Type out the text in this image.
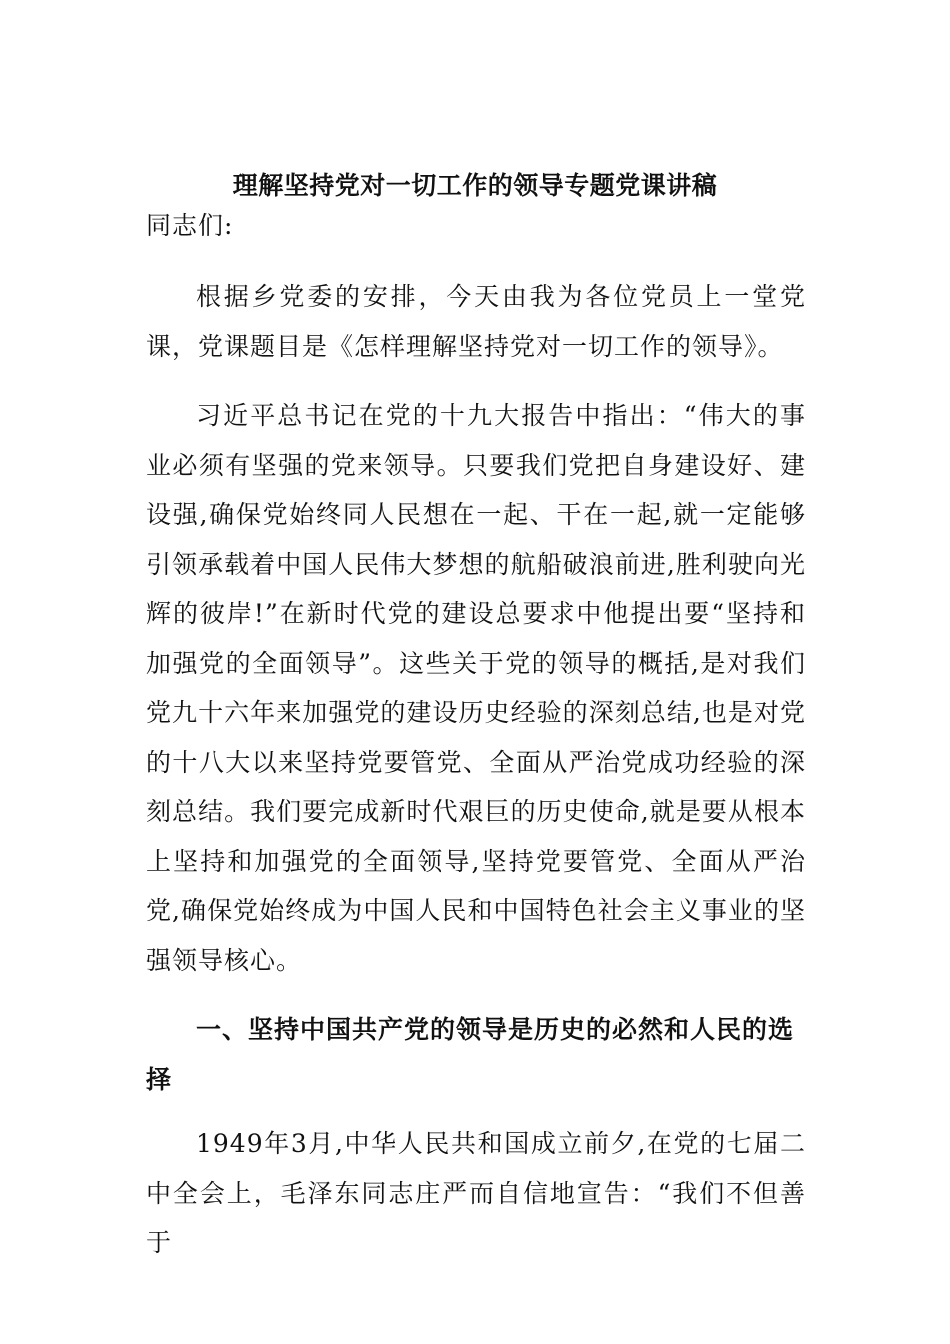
理解坚持党对一切工作的领导专题党课讲稿

同志们:

根据乡党委的安排，今天由我为各位党员上一堂党课，党课题目是《怎样理解坚持党对一切工作的领导》。

习近平总书记在党的十九大报告中指出：“伟大的事业必须有坚强的党来领导。只要我们党把自身建设好、建设强,确保党始终同人民想在一起、干在一起,就一定能够引领承载着中国人民伟大梦想的航船破浪前进,胜利驶向光辉的彼岸!”在新时代党的建设总要求中他提出要“坚持和加强党的全面领导”。这些关于党的领导的概括,是对我们党九十六年来加强党的建设历史经验的深刻总结,也是对党的十八大以来坚持党要管党、全面从严治党成功经验的深刻总结。我们要完成新时代艰巨的历史使命,就是要从根本上坚持和加强党的全面领导,坚持党要管党、全面从严治党,确保党始终成为中国人民和中国特色社会主义事业的坚强领导核心。

一、坚持中国共产党的领导是历史的必然和人民的选择

1949年3月,中华人民共和国成立前夕,在党的七届二中全会上，毛泽东同志庄严而自信地宣告：“我们不但善于
